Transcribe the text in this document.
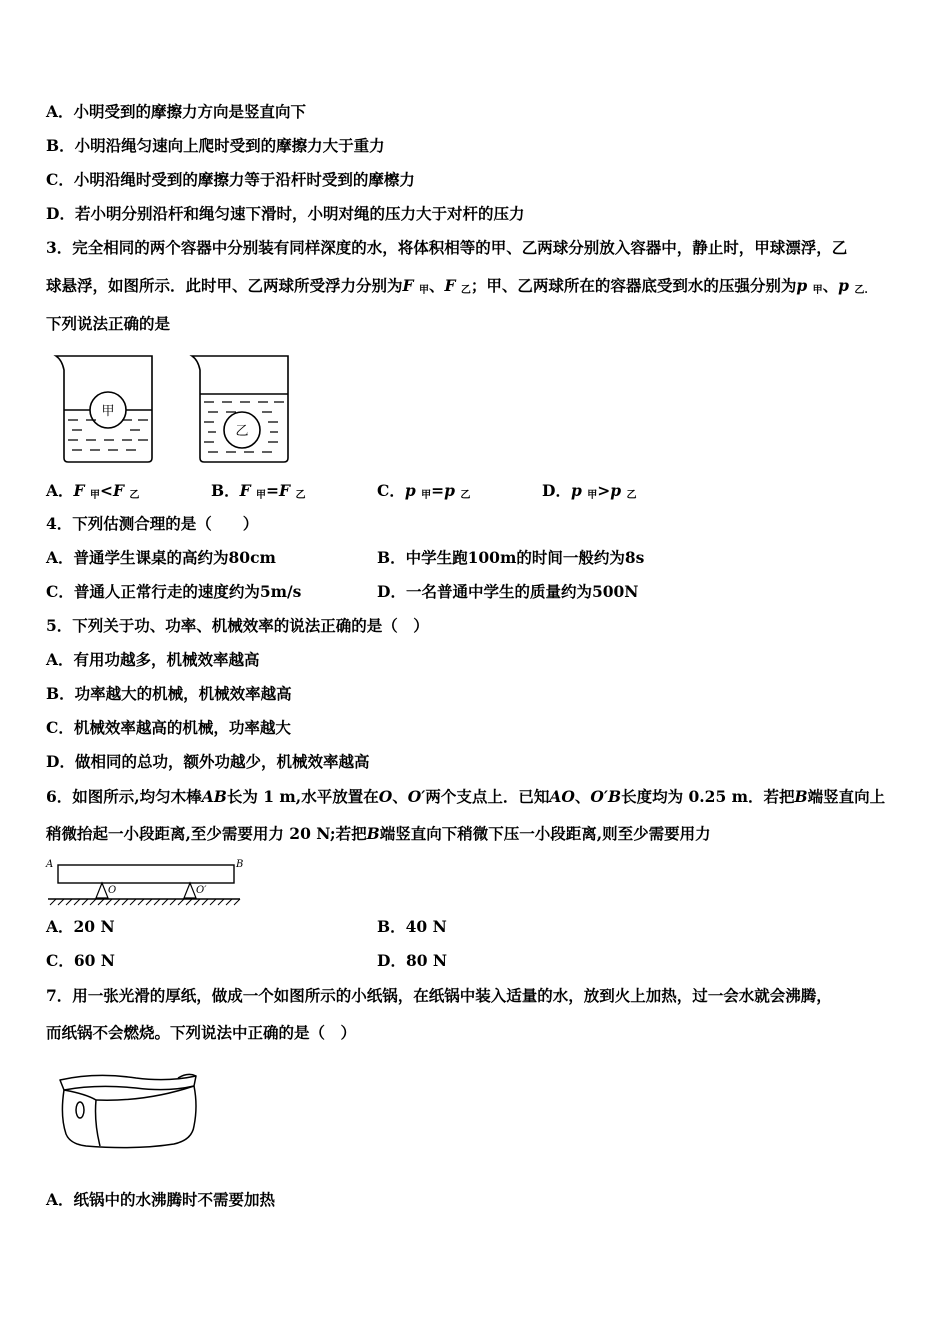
A．小明受到的摩擦力方向是竖直向下
B．小明沿绳匀速向上爬时受到的摩擦力大于重力
C．小明沿绳时受到的摩擦力等于沿杆时受到的摩檫力
D．若小明分别沿杆和绳匀速下滑时，小明对绳的压力大于对杆的压力
3．完全相同的两个容器中分别装有同样深度的水，将体积相等的甲、乙两球分别放入容器中，静止时，甲球漂浮，乙
球悬浮，如图所示．此时甲、乙两球所受浮力分别为F $_甲$、F $_乙$；甲、乙两球所在的容器底受到水的压强分别为p $_甲$、p $_{乙.}$
下列说法正确的是
甲
乙
A．F $_甲$<F $_乙$	B．F $_甲$=F $_乙$	C．p $_甲$=p $_乙$	D．p $_甲$>p $_乙$
4．下列估测合理的是（　　）
A．普通学生课桌的高约为80cm	B．中学生跑100m的时间一般约为8s
C．普通人正常行走的速度约为5m/s	D．一名普通中学生的质量约为500N
5．下列关于功、功率、机械效率的说法正确的是（　）
A．有用功越多，机械效率越高
B．功率越大的机械，机械效率越高
C．机械效率越高的机械，功率越大
D．做相同的总功，额外功越少，机械效率越高
6．如图所示,均匀木棒AB长为 1 m,水平放置在O、O′两个支点上．已知AO、O′B长度均为 0.25 m．若把B端竖直向上
稍微抬起一小段距离,至少需要用力 20 N;若把B端竖直向下稍微下压一小段距离,则至少需要用力
A	B
O	O′
A．20 N	B．40 N
C．60 N	D．80 N
7．用一张光滑的厚纸，做成一个如图所示的小纸锅，在纸锅中装入适量的水，放到火上加热，过一会水就会沸腾，
而纸锅不会燃烧。下列说法中正确的是（　）
A．纸锅中的水沸腾时不需要加热
